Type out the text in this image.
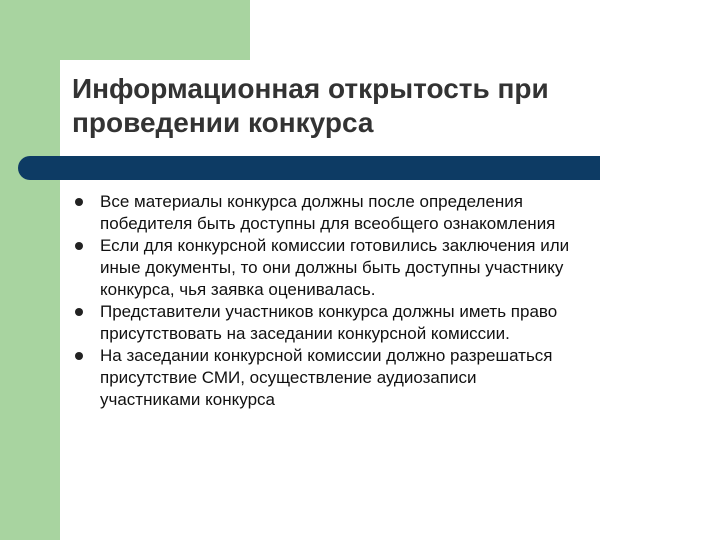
Информационная открытость при
проведении конкурса
Все материалы конкурса должны после определения
победителя быть доступны для всеобщего ознакомления
Если для конкурсной комиссии готовились заключения или
иные документы, то они должны быть доступны участнику
конкурса, чья заявка оценивалась.
Представители участников конкурса должны иметь право
присутствовать на заседании конкурсной комиссии.
На заседании конкурсной комиссии должно разрешаться
присутствие СМИ, осуществление аудиозаписи
участниками конкурса
